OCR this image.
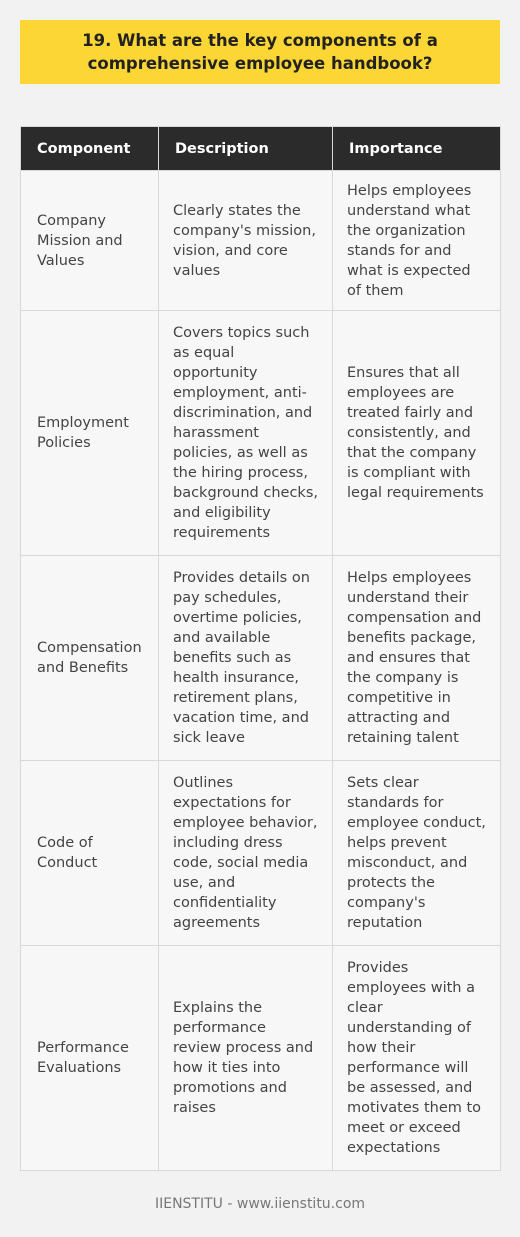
19. What are the key components of a comprehensive employee handbook?
Component	Description	Importance
Company Mission and Values	Clearly states the company's mission, vision, and core values	Helps employees understand what the organization stands for and what is expected of them
Employment Policies	Covers topics such as equal opportunity employment, anti-discrimination, and harassment policies, as well as the hiring process, background checks, and eligibility requirements	Ensures that all employees are treated fairly and consistently, and that the company is compliant with legal requirements
Compensation and Benefits	Provides details on pay schedules, overtime policies, and available benefits such as health insurance, retirement plans, vacation time, and sick leave	Helps employees understand their compensation and benefits package, and ensures that the company is competitive in attracting and retaining talent
Code of Conduct	Outlines expectations for employee behavior, including dress code, social media use, and confidentiality agreements	Sets clear standards for employee conduct, helps prevent misconduct, and protects the company's reputation
Performance Evaluations	Explains the performance review process and how it ties into promotions and raises	Provides employees with a clear understanding of how their performance will be assessed, and motivates them to meet or exceed expectations
IIENSTITU - www.iienstitu.com
